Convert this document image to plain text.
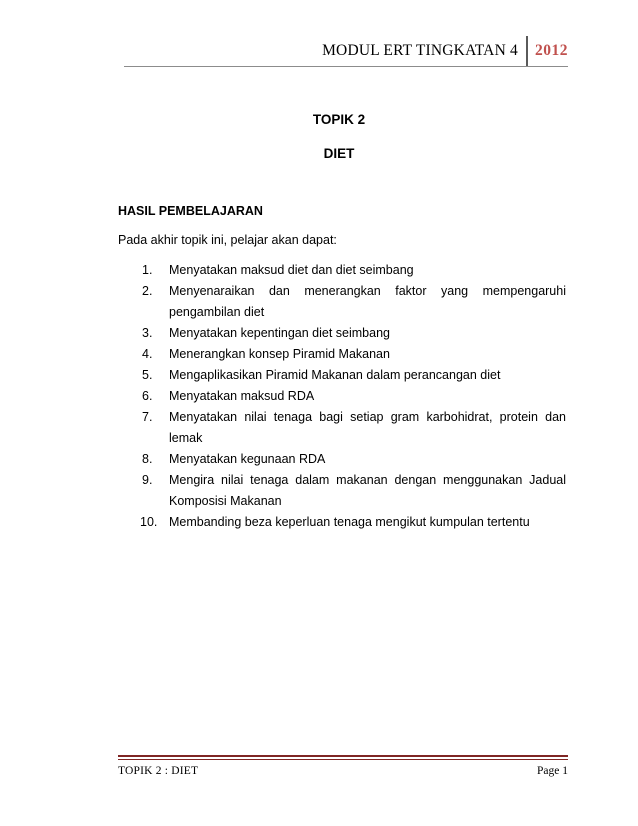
MODUL ERT TINGKATAN 4	2012
TOPIK 2
DIET
HASIL PEMBELAJARAN
Pada akhir topik ini, pelajar akan dapat:
1. Menyatakan maksud diet dan diet seimbang
2. Menyenaraikan dan menerangkan faktor yang mempengaruhi pengambilan diet
3. Menyatakan kepentingan diet seimbang
4. Menerangkan konsep Piramid Makanan
5. Mengaplikasikan Piramid Makanan dalam perancangan diet
6. Menyatakan maksud RDA
7. Menyatakan nilai tenaga bagi setiap gram karbohidrat, protein dan lemak
8. Menyatakan kegunaan RDA
9. Mengira nilai tenaga dalam makanan dengan menggunakan Jadual Komposisi Makanan
10. Membanding beza keperluan tenaga mengikut kumpulan tertentu
TOPIK 2 : DIET	Page 1
